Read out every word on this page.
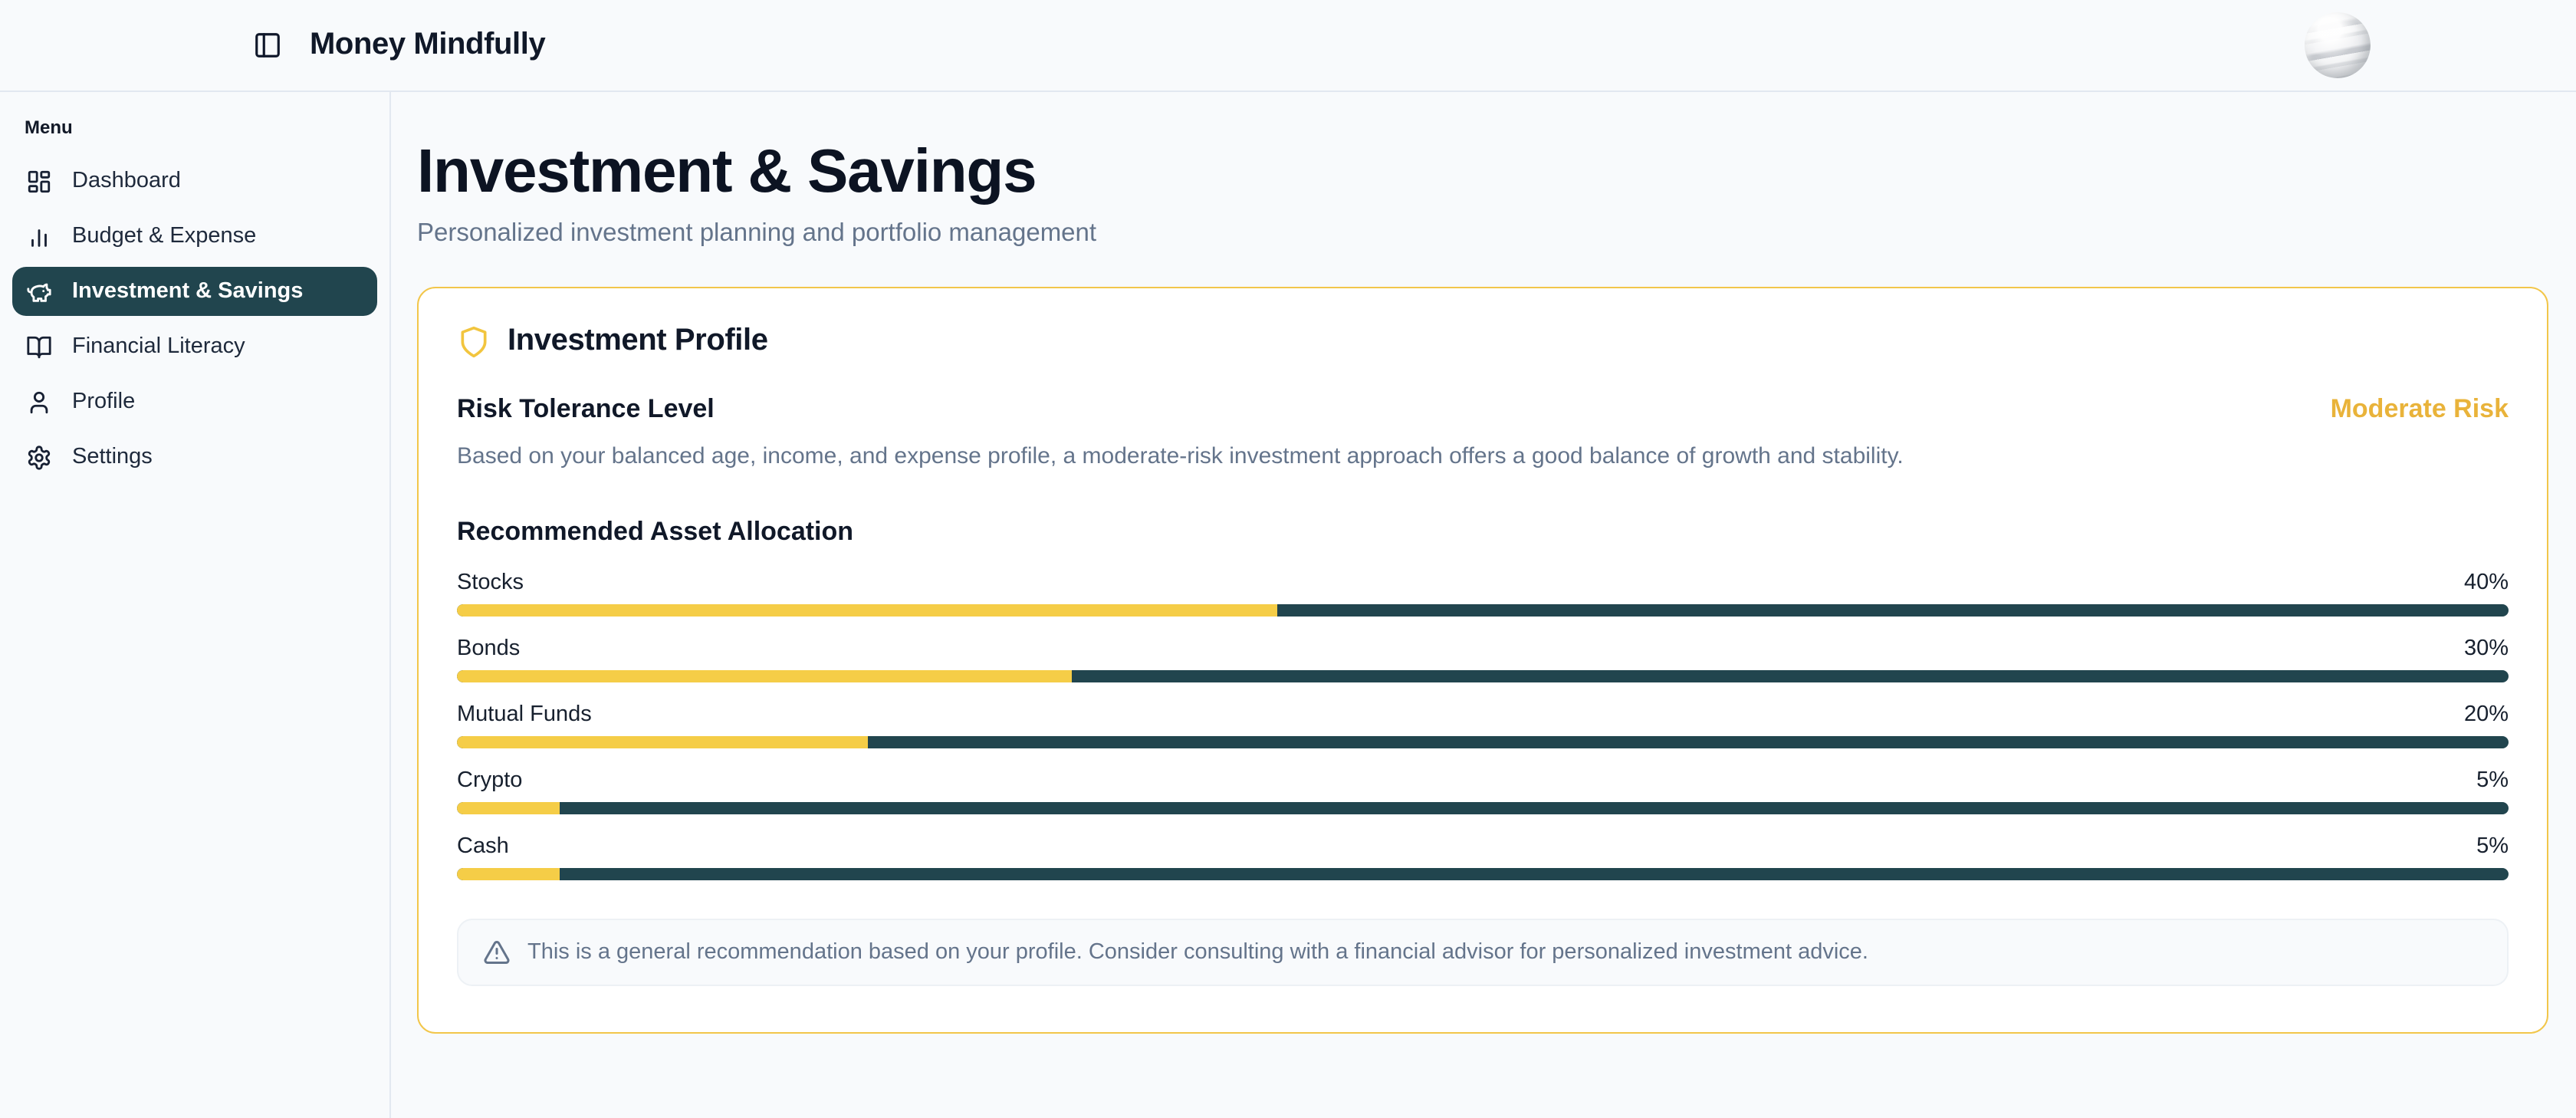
Money Mindfully
Menu
Dashboard
Budget & Expense
Investment & Savings
Financial Literacy
Profile
Settings
Investment & Savings

Personalized investment planning and portfolio management

Investment Profile
Risk Tolerance Level	Moderate Risk

Based on your balanced age, income, and expense profile, a moderate-risk investment approach offers a good balance of growth and stability.

Recommended Asset Allocation
Stocks	40%
Bonds	30%
Mutual Funds	20%
Crypto	5%
Cash	5%
This is a general recommendation based on your profile. Consider consulting with a financial advisor for personalized investment advice.
